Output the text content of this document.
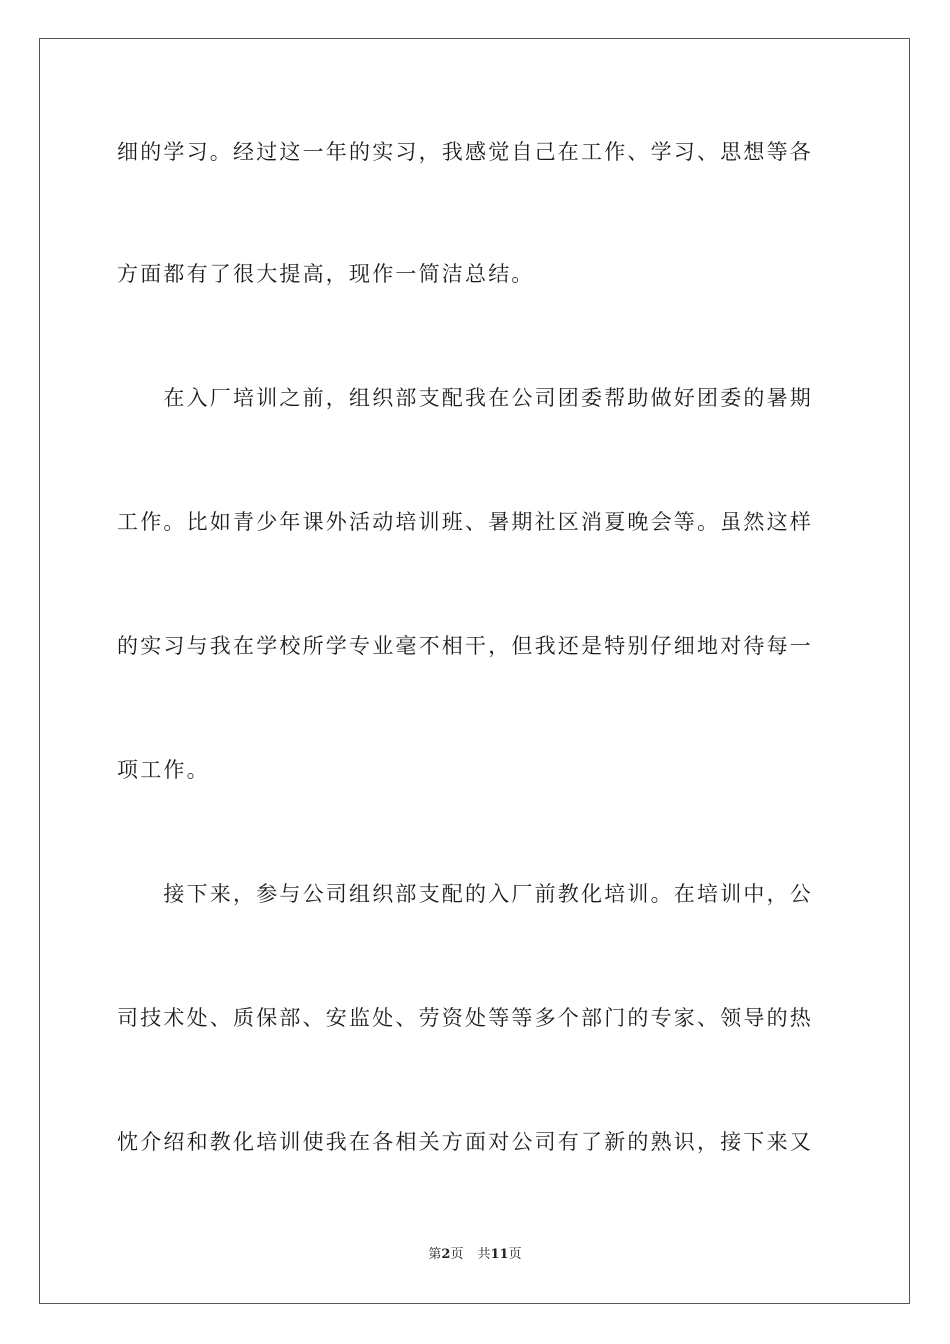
细的学习。经过这一年的实习，我感觉自己在工作、学习、思想等各
方面都有了很大提高，现作一简洁总结。
　　在入厂培训之前，组织部支配我在公司团委帮助做好团委的暑期
工作。比如青少年课外活动培训班、暑期社区消夏晚会等。虽然这样
的实习与我在学校所学专业毫不相干，但我还是特别仔细地对待每一
项工作。
　　接下来，参与公司组织部支配的入厂前教化培训。在培训中，公
司技术处、质保部、安监处、劳资处等等多个部门的专家、领导的热
忱介绍和教化培训使我在各相关方面对公司有了新的熟识，接下来又
第2页 共11页
